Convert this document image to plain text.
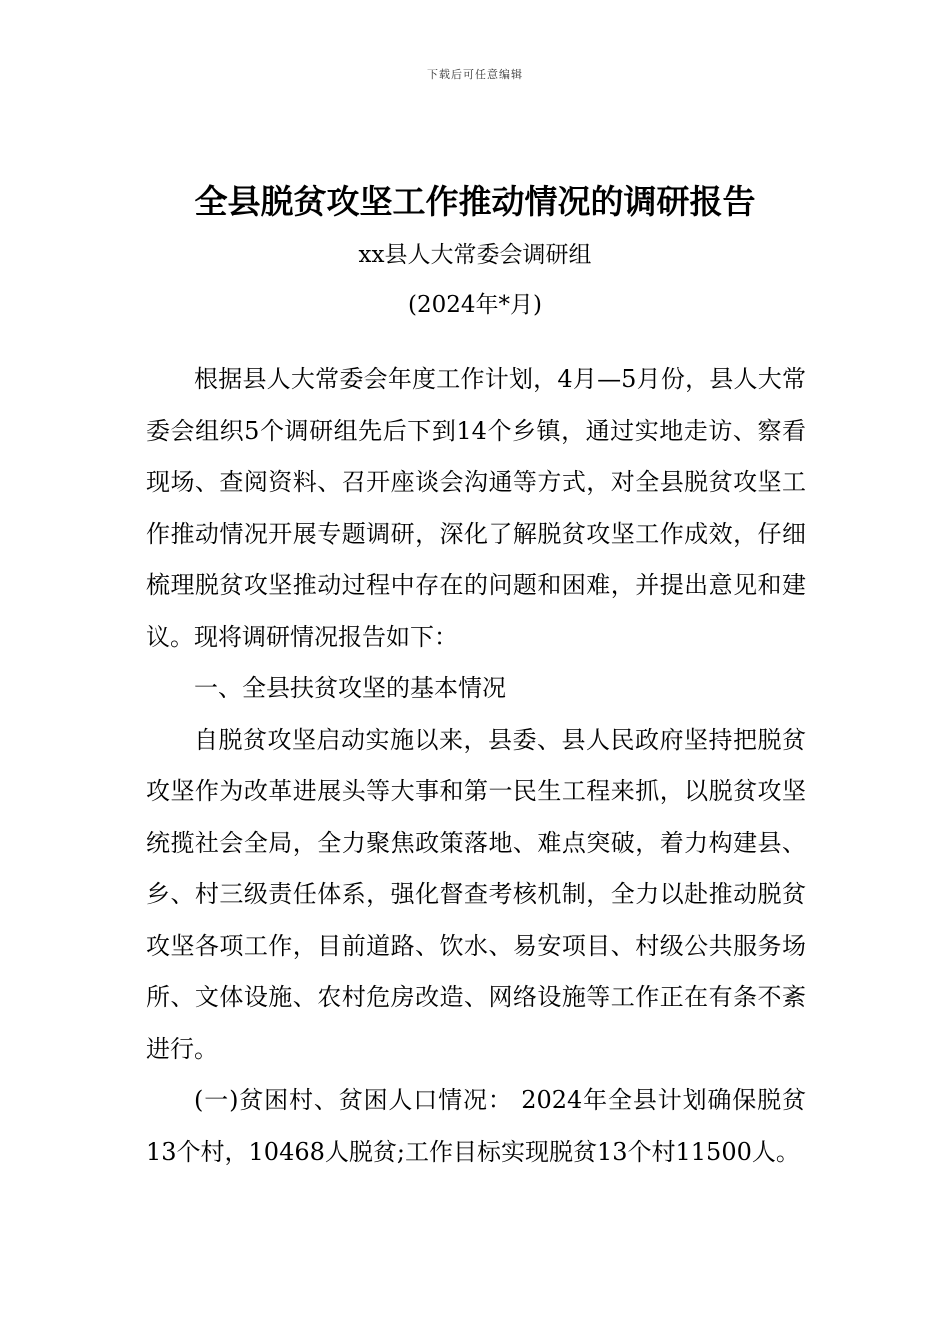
下载后可任意编辑
全县脱贫攻坚工作推动情况的调研报告
xx县人大常委会调研组
(2024年*月)

根据县人大常委会年度工作计划，4月—5月份，县人大常委会组织5个调研组先后下到14个乡镇，通过实地走访、察看现场、查阅资料、召开座谈会沟通等方式，对全县脱贫攻坚工作推动情况开展专题调研，深化了解脱贫攻坚工作成效，仔细梳理脱贫攻坚推动过程中存在的问题和困难，并提出意见和建议。现将调研情况报告如下：

一、全县扶贫攻坚的基本情况

自脱贫攻坚启动实施以来，县委、县人民政府坚持把脱贫攻坚作为改革进展头等大事和第一民生工程来抓，以脱贫攻坚统揽社会全局，全力聚焦政策落地、难点突破，着力构建县、乡、村三级责任体系，强化督查考核机制，全力以赴推动脱贫攻坚各项工作，目前道路、饮水、易安项目、村级公共服务场所、文体设施、农村危房改造、网络设施等工作正在有条不紊进行。

(一)贫困村、贫困人口情况： 2024年全县计划确保脱贫13个村，10468人脱贫;工作目标实现脱贫13个村11500人。
